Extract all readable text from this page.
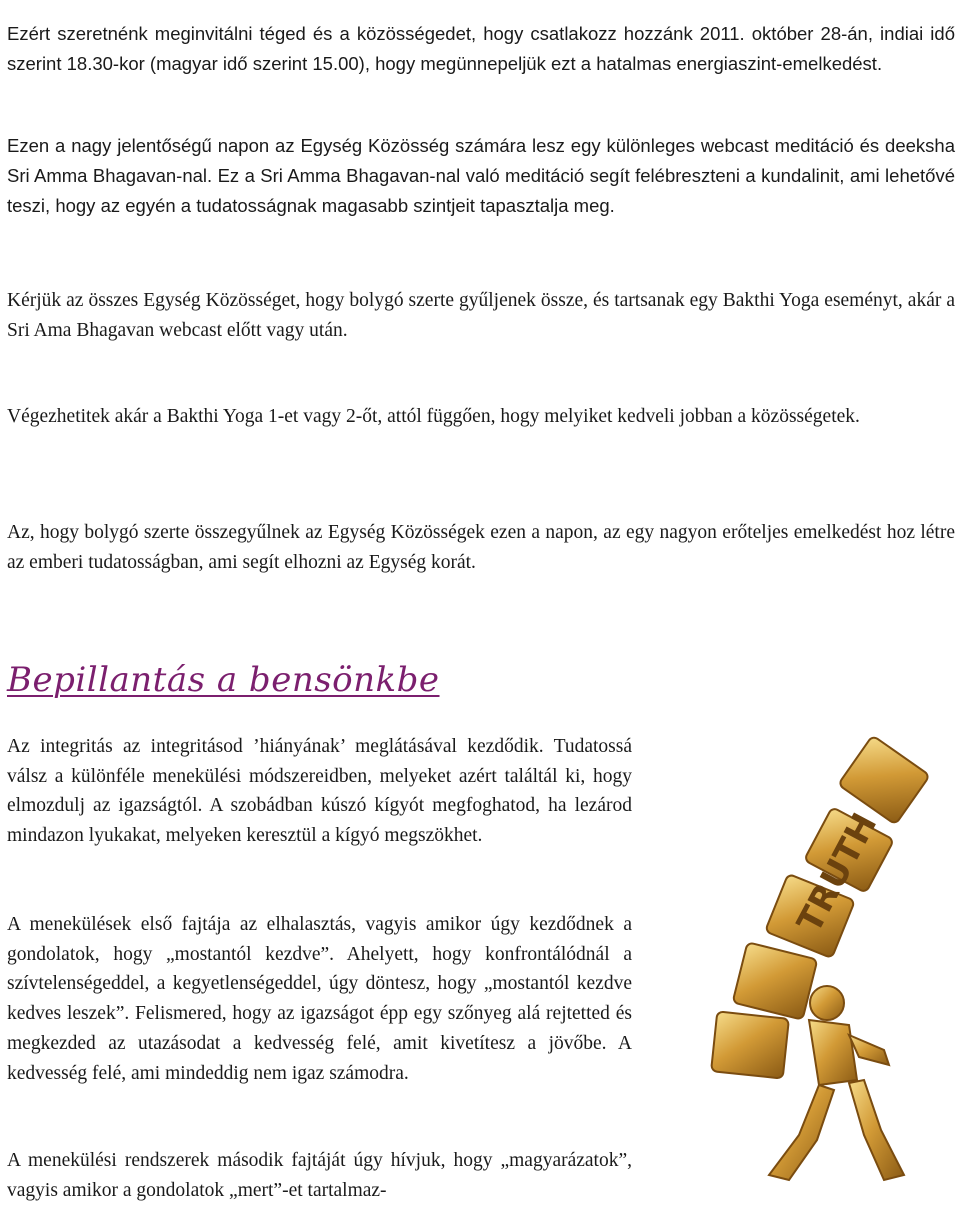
Ezért szeretnénk meginvitálni téged és a közösségedet, hogy csatlakozz hozzánk 2011. október 28-án, indiai idő szerint 18.30-kor (magyar idő szerint 15.00), hogy megünnepeljük ezt a hatalmas energiaszint-emelkedést.

Ezen a nagy jelentőségű napon az Egység Közösség számára lesz egy különleges webcast meditáció és deeksha Sri Amma Bhagavan-nal. Ez a Sri Amma Bhagavan-nal való meditáció segít felébreszteni a kundalinit, ami lehetővé teszi, hogy az egyén a tudatosságnak magasabb szintjeit tapasztalja meg.

Kérjük az összes Egység Közösséget, hogy bolygó szerte gyűljenek össze, és tartsanak egy Bakthi Yoga eseményt, akár a Sri Ama Bhagavan webcast előtt vagy után.

Végezhetitek akár a Bakthi Yoga 1-et vagy 2-őt, attól függően, hogy melyiket kedveli jobban a közösségetek.

Az, hogy bolygó szerte összegyűlnek az Egység Közösségek ezen a napon, az egy nagyon erőteljes emelkedést hoz létre az emberi tudatosságban, ami segít elhozni az Egység korát.

Bepillantás a bensönkbe

Az integritás az integritásod ’hiányának’ meglátásával kezdődik. Tudatossá válsz a különféle menekülési módszereidben, melyeket azért találtál ki, hogy elmozdulj az igazságtól. A szobádban kúszó kígyót megfoghatod, ha lezárod mindazon lyukakat, melyeken keresztül a kígyó megszökhet.

A menekülések első fajtája az elhalasztás, vagyis amikor úgy kezdődnek a gondolatok, hogy „mostantól kezdve”. Ahelyett, hogy konfrontálódnál a szívtelenségeddel, a kegyetlenségeddel, úgy döntesz, hogy „mostantól kezdve kedves leszek”. Felismered, hogy az igazságot épp egy szőnyeg alá rejtetted és megkezded az utazásodat a kedvesség felé, amit kivetítesz a jövőbe. A kedvesség felé, ami mindeddig nem igaz számodra.

A menekülési rendszerek második fajtáját úgy hívjuk, hogy „magyarázatok”, vagyis amikor a gondolatok „mert”-et tartalmaz-

TRUTH
